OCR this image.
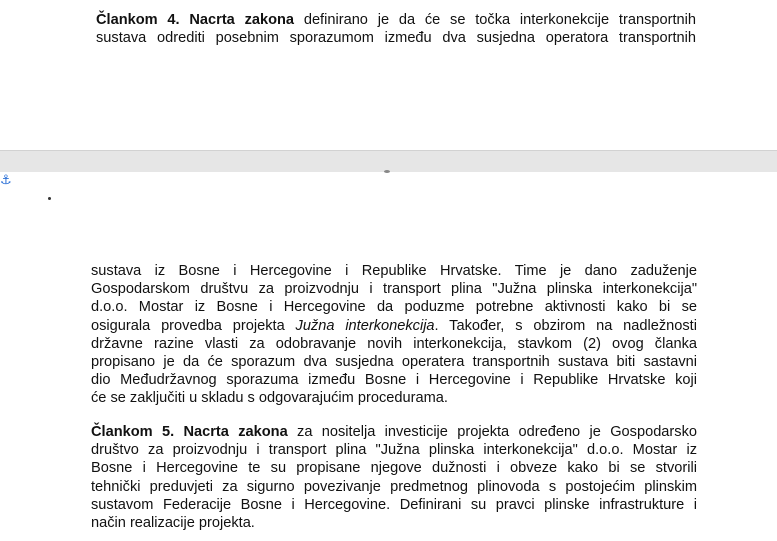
⚓︎

Člankom 4. Nacrta zakona definirano je da će se točka interkonekcije transportnih
sustava odrediti posebnim sporazumom između dva susjedna operatora transportnih

sustava iz Bosne i Hercegovine i Republike Hrvatske. Time je dano zaduženje
Gospodarskom društvu za proizvodnju i transport plina "Južna plinska interkonekcija"
d.o.o. Mostar iz Bosne i Hercegovine da poduzme potrebne aktivnosti kako bi se
osigurala provedba projekta Južna interkonekcija. Također, s obzirom na nadležnosti
državne razine vlasti za odobravanje novih interkonekcija, stavkom (2) ovog članka
propisano je da će sporazum dva susjedna operatera transportnih sustava biti sastavni
dio Međudržavnog sporazuma između Bosne i Hercegovine i Republike Hrvatske koji
će se zaključiti u skladu s odgovarajućim procedurama.

Člankom 5. Nacrta zakona za nositelja investicije projekta određeno je Gospodarsko
društvo za proizvodnju i transport plina "Južna plinska interkonekcija" d.o.o. Mostar iz
Bosne i Hercegovine te su propisane njegove dužnosti i obveze kako bi se stvorili
tehnički preduvjeti za sigurno povezivanje predmetnog plinovoda s postojećim plinskim
sustavom Federacije Bosne i Hercegovine. Definirani su pravci plinske infrastrukture i
način realizacije projekta.
